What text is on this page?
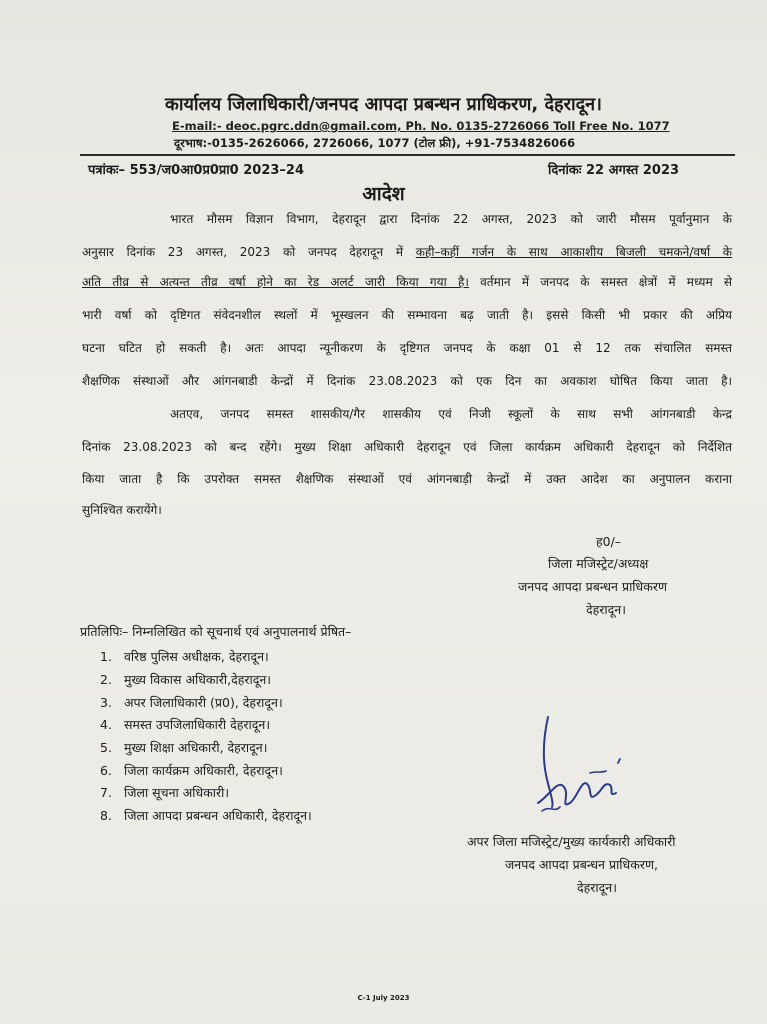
कार्यालय जिलाधिकारी/जनपद आपदा प्रबन्धन प्राधिकरण, देहरादून।
E-mail:- deoc.pgrc.ddn@gmail.com, Ph. No. 0135-2726066 Toll Free No. 1077
दूरभाष:-0135-2626066, 2726066, 1077 (टोल फ्री), +91-7534826066
पत्रांकः– 553/ज0आ0प्र0प्रा0 2023–24	दिनांकः 22 अगस्त 2023
आदेश
भारत मौसम विज्ञान विभाग, देहरादून द्वारा दिनांक 22 अगस्त, 2023 को जारी मौसम पूर्वानुमान के
अनुसार दिनांक 23 अगस्त, 2023 को जनपद देहरादून में कही–कहीं गर्जन के साथ आकाशीय बिजली चमकने/वर्षा के
अति तीव्र से अत्यन्त तीव्र वर्षा होने का रेड अलर्ट जारी किया गया है। वर्तमान में जनपद के समस्त क्षेत्रों में मध्यम से
भारी वर्षा को दृष्टिगत संवेदनशील स्थलों में भूस्खलन की सम्भावना बढ़ जाती है। इससे किसी भी प्रकार की अप्रिय
घटना घटित हो सकती है। अतः आपदा न्यूनीकरण के दृष्टिगत जनपद के कक्षा 01 से 12 तक संचालित समस्त
शैक्षणिक संस्थाओं और आंगनबाडी केन्द्रों में दिनांक 23.08.2023 को एक दिन का अवकाश घोषित किया जाता है।
अतएव, जनपद समस्त शासकीय/गैर शासकीय एवं निजी स्कूलों के साथ सभी आंगनबाडी केन्द्र
दिनांक 23.08.2023 को बन्द रहेंगे। मुख्य शिक्षा अधिकारी देहरादून एवं जिला कार्यक्रम अधिकारी देहरादून को निर्देशित
किया जाता है कि उपरोक्त समस्त शैक्षणिक संस्थाओं एवं आंगनबाड़ी केन्द्रों में उक्त आदेश का अनुपालन कराना
सुनिश्चित करायेंगे।
ह0/–
जिला मजिस्ट्रेट/अध्यक्ष
जनपद आपदा प्रबन्धन प्राधिकरण
देहरादून।
प्रतिलिपिः– निम्नलिखित को सूचनार्थ एवं अनुपालनार्थ प्रेषित–
1. वरिष्ठ पुलिस अधीक्षक, देहरादून।
2. मुख्य विकास अधिकारी,देहरादून।
3. अपर जिलाधिकारी (प्र0), देहरादून।
4. समस्त उपजिलाधिकारी देहरादून।
5. मुख्य शिक्षा अधिकारी, देहरादून।
6. जिला कार्यक्रम अधिकारी, देहरादून।
7. जिला सूचना अधिकारी।
8. जिला आपदा प्रबन्धन अधिकारी, देहरादून।
अपर जिला मजिस्ट्रेट/मुख्य कार्यकारी अधिकारी
जनपद आपदा प्रबन्धन प्राधिकरण,
देहरादून।
C-1 July 2023
